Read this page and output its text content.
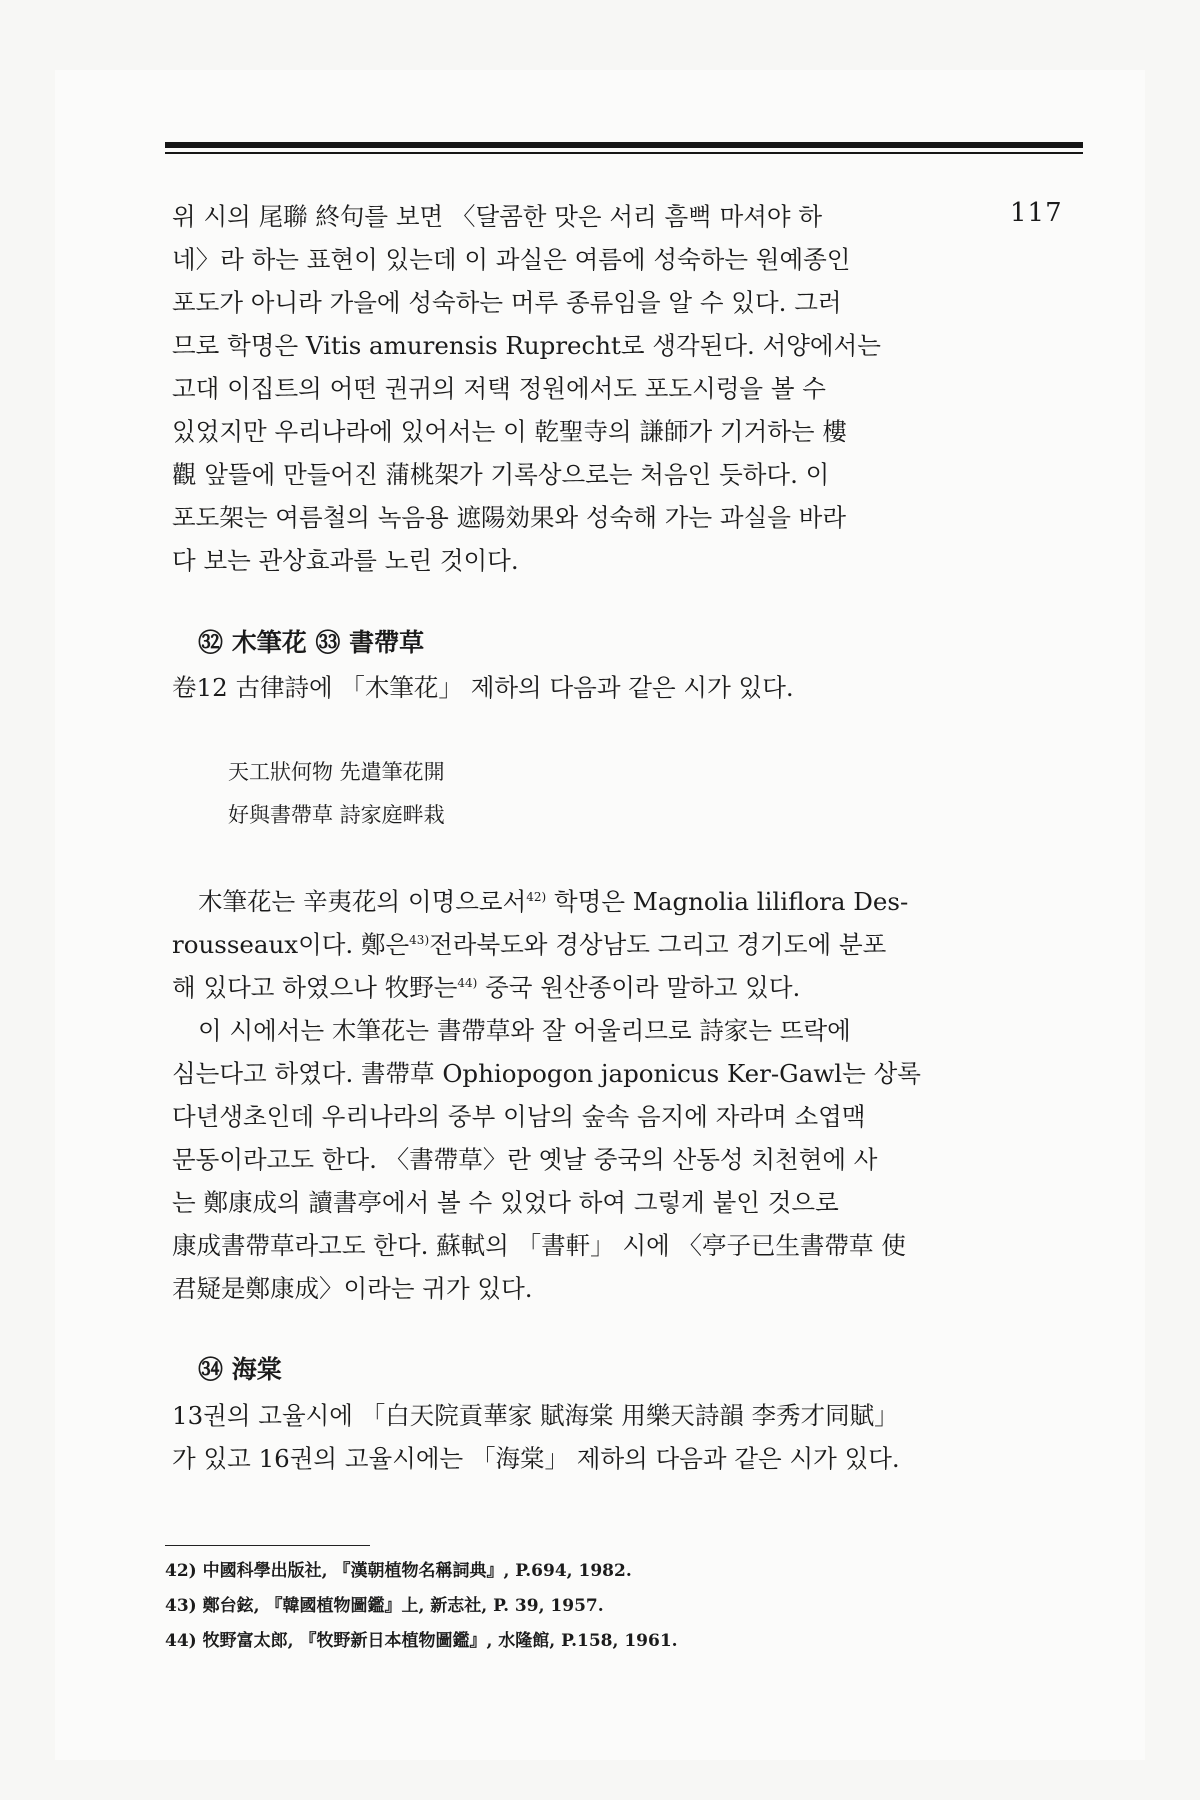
117
위 시의 尾聯 終句를 보면 〈달콤한 맛은 서리 흠뻑 마셔야 하
네〉라 하는 표현이 있는데 이 과실은 여름에 성숙하는 원예종인
포도가 아니라 가을에 성숙하는 머루 종류임을 알 수 있다. 그러
므로 학명은 Vitis amurensis Ruprecht로 생각된다. 서양에서는
고대 이집트의 어떤 권귀의 저택 정원에서도 포도시렁을 볼 수
있었지만 우리나라에 있어서는 이 乾聖寺의 謙師가 기거하는 樓
觀 앞뜰에 만들어진 蒲桃架가 기록상으로는 처음인 듯하다. 이
포도架는 여름철의 녹음용 遮陽効果와 성숙해 가는 과실을 바라
다 보는 관상효과를 노린 것이다.
㉜ 木筆花 ㉝ 書帶草
卷12 古律詩에 「木筆花」 제하의 다음과 같은 시가 있다.
天工狀何物 先遣筆花開
好與書帶草 詩家庭畔栽
木筆花는 辛夷花의 이명으로서$^{42)}$ 학명은 Magnolia liliflora Des-
rousseaux이다. 鄭은$^{43)}$전라북도와 경상남도 그리고 경기도에 분포
해 있다고 하였으나 牧野는$^{44)}$ 중국 원산종이라 말하고 있다.
이 시에서는 木筆花는 書帶草와 잘 어울리므로 詩家는 뜨락에
심는다고 하였다. 書帶草 Ophiopogon japonicus Ker-Gawl는 상록
다년생초인데 우리나라의 중부 이남의 숲속 음지에 자라며 소엽맥
문동이라고도 한다. 〈書帶草〉란 옛날 중국의 산동성 치천현에 사
는 鄭康成의 讀書亭에서 볼 수 있었다 하여 그렇게 붙인 것으로
康成書帶草라고도 한다. 蘇軾의 「書軒」 시에 〈亭子已生書帶草 使
君疑是鄭康成〉이라는 귀가 있다.
㉞ 海棠
13권의 고율시에 「白天院貢華家 賦海棠 用樂天詩韻 李秀才同賦」
가 있고 16권의 고율시에는 「海棠」 제하의 다음과 같은 시가 있다.
42) 中國科學出版社, 『漢朝植物名稱詞典』, P.694, 1982.
43) 鄭台鉉, 『韓國植物圖鑑』上, 新志社, P. 39, 1957.
44) 牧野富太郎, 『牧野新日本植物圖鑑』, 水隆館, P.158, 1961.
